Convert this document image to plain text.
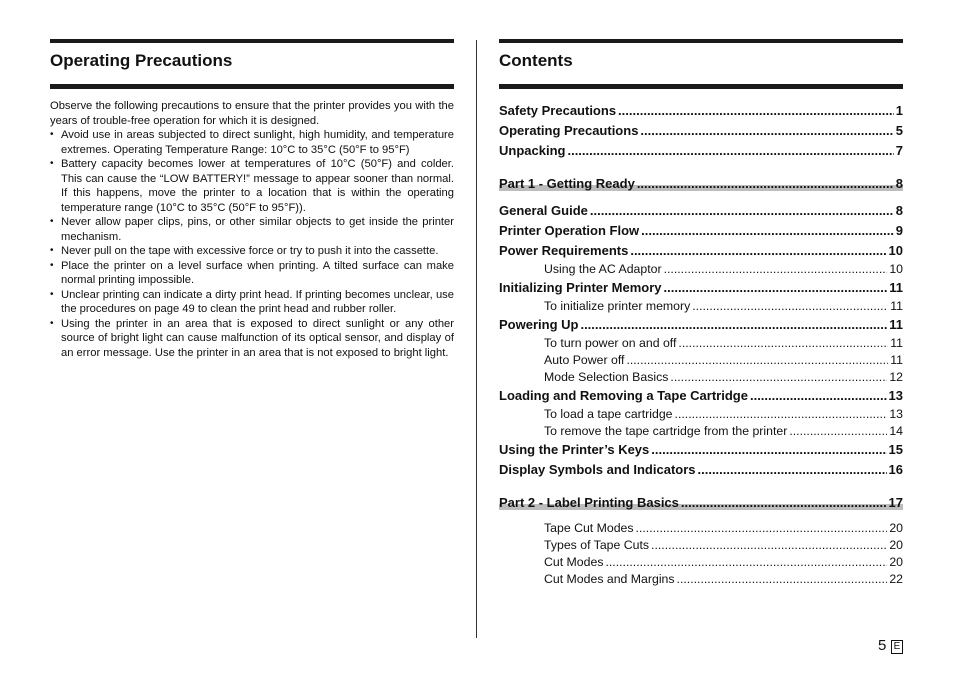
Operating Precautions

Observe the following precautions to ensure that the printer provides you with the years of trouble-free operation for which it is designed.

• Avoid use in areas subjected to direct sunlight, high humidity, and temperature extremes. Operating Temperature Range: 10°C to 35°C (50°F to 95°F)
• Battery capacity becomes lower at temperatures of 10°C (50°F) and colder. This can cause the “LOW BATTERY!” message to appear sooner than normal. If this happens, move the printer to a location that is within the operating temperature range (10°C to 35°C (50°F to 95°F)).
• Never allow paper clips, pins, or other similar objects to get inside the printer mechanism.
• Never pull on the tape with excessive force or try to push it into the cassette.
• Place the printer on a level surface when printing. A tilted surface can make normal printing impossible.
• Unclear printing can indicate a dirty print head. If printing becomes unclear, use the procedures on page 49 to clean the print head and rubber roller.
• Using the printer in an area that is exposed to direct sunlight or any other source of bright light can cause malfunction of its optical sensor, and display of an error message. Use the printer in an area that is not exposed to bright light.
Contents
Safety Precautions .....	1
Operating Precautions .....	5
Unpacking .....	7
Part 1 - Getting Ready .....	8
General Guide .....	8
Printer Operation Flow .....	9
Power Requirements .....	10
Using the AC Adaptor .....	10
Initializing Printer Memory .....	11
To initialize printer memory .....	11
Powering Up .....	11
To turn power on and off .....	11
Auto Power off .....	11
Mode Selection Basics .....	12
Loading and Removing a Tape Cartridge .....	13
To load a tape cartridge .....	13
To remove the tape cartridge from the printer .....	14
Using the Printer’s Keys .....	15
Display Symbols and Indicators .....	16
Part 2 - Label Printing Basics .....	17
Tape Cut Modes .....	20
Types of Tape Cuts .....	20
Cut Modes .....	20
Cut Modes and Margins .....	22
5 E
